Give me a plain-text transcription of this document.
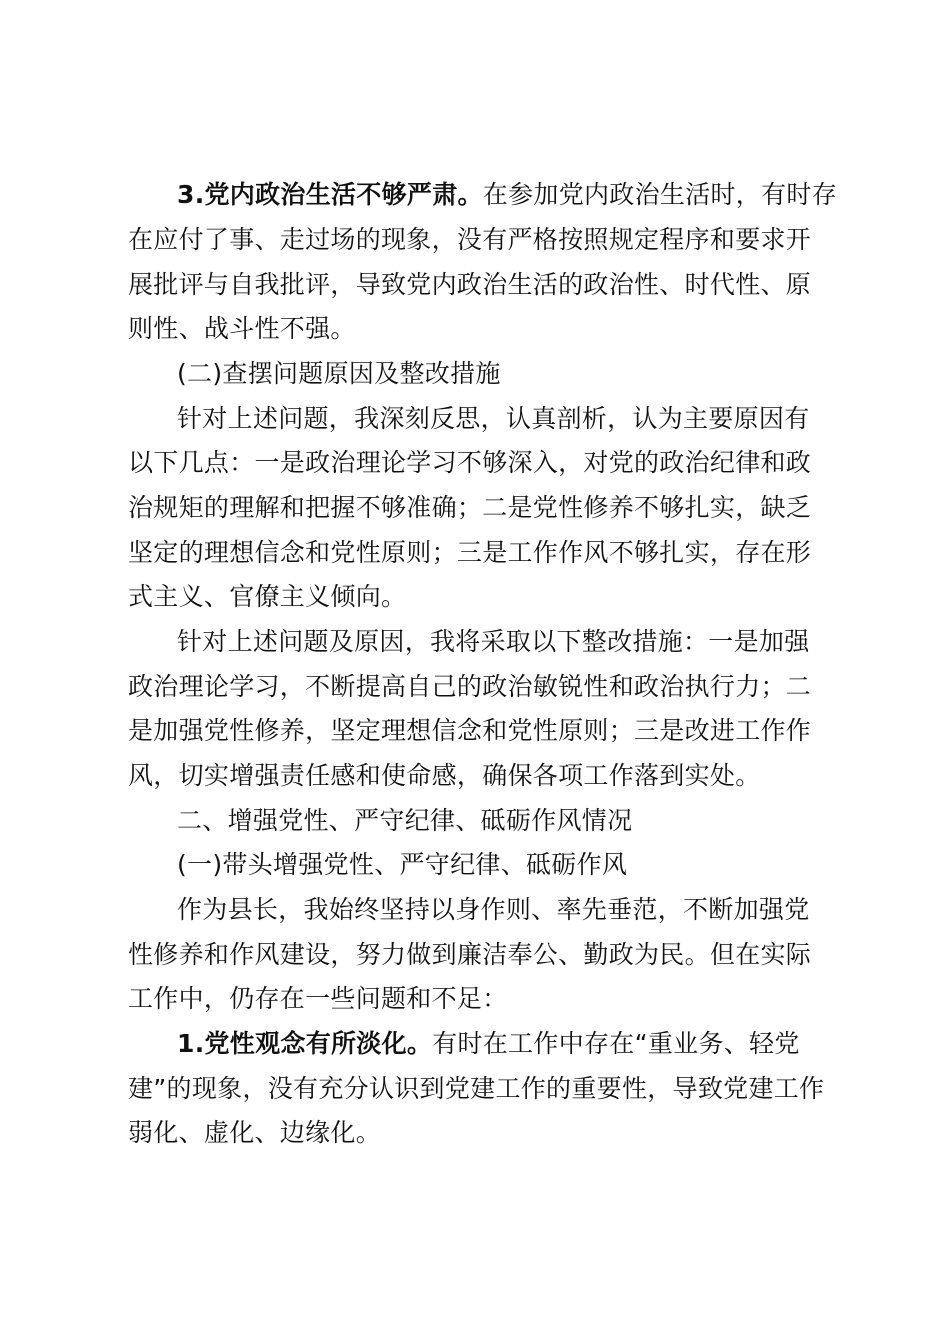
3.党内政治生活不够严肃。在参加党内政治生活时，有时存
在应付了事、走过场的现象，没有严格按照规定程序和要求开
展批评与自我批评，导致党内政治生活的政治性、时代性、原
则性、战斗性不强。
(二)查摆问题原因及整改措施
针对上述问题，我深刻反思，认真剖析，认为主要原因有
以下几点：一是政治理论学习不够深入，对党的政治纪律和政
治规矩的理解和把握不够准确；二是党性修养不够扎实，缺乏
坚定的理想信念和党性原则；三是工作作风不够扎实，存在形
式主义、官僚主义倾向。
针对上述问题及原因，我将采取以下整改措施：一是加强
政治理论学习，不断提高自己的政治敏锐性和政治执行力；二
是加强党性修养，坚定理想信念和党性原则；三是改进工作作
风，切实增强责任感和使命感，确保各项工作落到实处。
二、增强党性、严守纪律、砥砺作风情况
(一)带头增强党性、严守纪律、砥砺作风
作为县长，我始终坚持以身作则、率先垂范，不断加强党
性修养和作风建设，努力做到廉洁奉公、勤政为民。但在实际
工作中，仍存在一些问题和不足：
1.党性观念有所淡化。有时在工作中存在“重业务、轻党
建”的现象，没有充分认识到党建工作的重要性，导致党建工作
弱化、虚化、边缘化。
